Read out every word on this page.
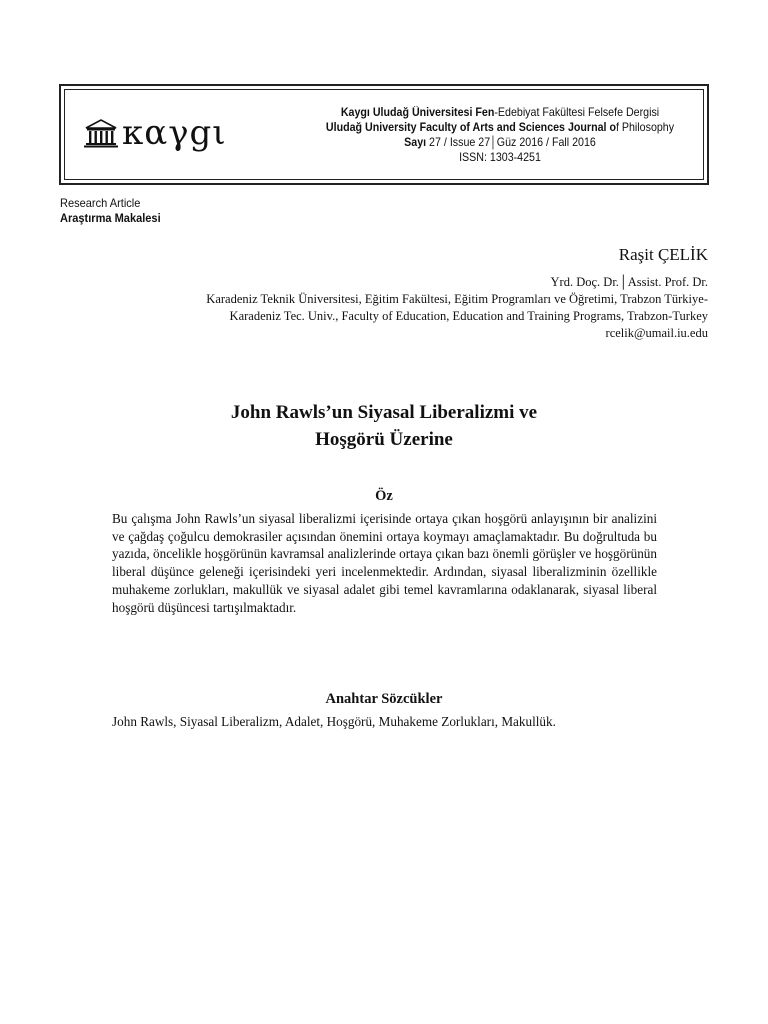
καγgι
Kaygı Uludağ Üniversitesi Fen-Edebiyat Fakültesi Felsefe Dergisi
Uludağ University Faculty of Arts and Sciences Journal of Philosophy
Sayı 27 / Issue 27│Güz 2016 / Fall 2016
ISSN: 1303-4251
Research Article
Araştırma Makalesi
Raşit ÇELİK
Yrd. Doç. Dr.│Assist. Prof. Dr.
Karadeniz Teknik Üniversitesi, Eğitim Fakültesi, Eğitim Programları ve Öğretimi, Trabzon Türkiye-
Karadeniz Tec. Univ., Faculty of Education, Education and Training Programs, Trabzon-Turkey
rcelik@umail.iu.edu
John Rawls’un Siyasal Liberalizmi ve
Hoşgörü Üzerine
Öz
Bu çalışma John Rawls’un siyasal liberalizmi içerisinde ortaya çıkan hoşgörü anlayışının bir analizini ve çağdaş çoğulcu demokrasiler açısından önemini ortaya koymayı amaçlamaktadır. Bu doğrultuda bu yazıda, öncelikle hoşgörünün kavramsal analizlerinde ortaya çıkan bazı önemli görüşler ve hoşgörünün liberal düşünce geleneği içerisindeki yeri incelenmektedir. Ardından, siyasal liberalizminin özellikle muhakeme zorlukları, makullük ve siyasal adalet gibi temel kavramlarına odaklanarak, siyasal liberal hoşgörü düşüncesi tartışılmaktadır.
Anahtar Sözcükler
John Rawls, Siyasal Liberalizm, Adalet, Hoşgörü, Muhakeme Zorlukları, Makullük.
